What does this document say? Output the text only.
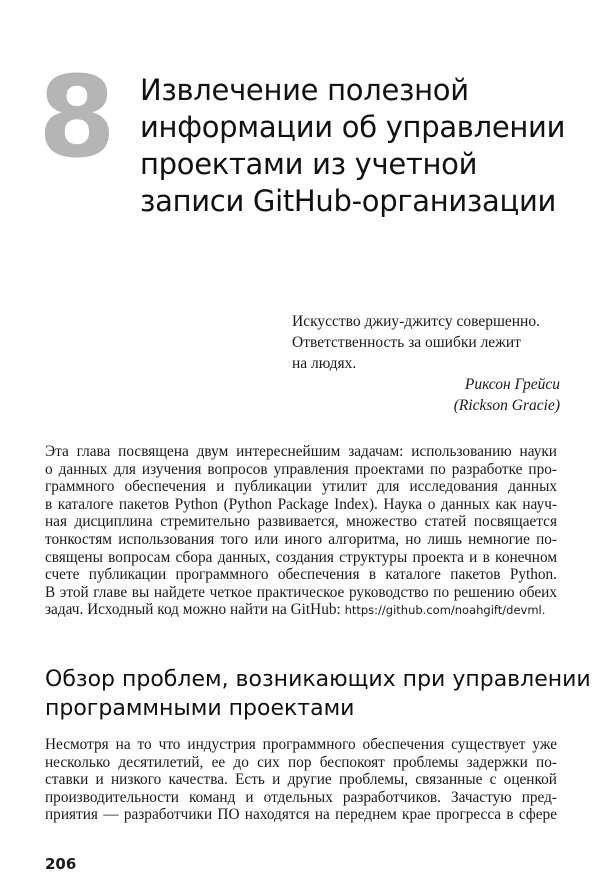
8 Извлечение полезной
информации об управлении
проектами из учетной
записи GitHub-организации
Искусство джиу-джитсу совершенно.
Ответственность за ошибки лежит
на людях.
Риксон Грейси
(Rickson Gracie)
Эта глава посвящена двум интереснейшим задачам: использованию науки
о данных для изучения вопросов управления проектами по разработке про-
граммного обеспечения и публикации утилит для исследования данных
в каталоге пакетов Python (Python Package Index). Наука о данных как науч-
ная дисциплина стремительно развивается, множество статей посвящается
тонкостям использования того или иного алгоритма, но лишь немногие по-
священы вопросам сбора данных, создания структуры проекта и в конечном
счете публикации программного обеспечения в каталоге пакетов Python.
В этой главе вы найдете четкое практическое руководство по решению обеих
задач. Исходный код можно найти на GitHub: https://github.com/noahgift/devml.
Обзор проблем, возникающих при управлении
программными проектами
Несмотря на то что индустрия программного обеспечения существует уже
несколько десятилетий, ее до сих пор беспокоят проблемы задержки по-
ставки и низкого качества. Есть и другие проблемы, связанные с оценкой
производительности команд и отдельных разработчиков. Зачастую пред-
приятия — разработчики ПО находятся на переднем крае прогресса в сфере
206
